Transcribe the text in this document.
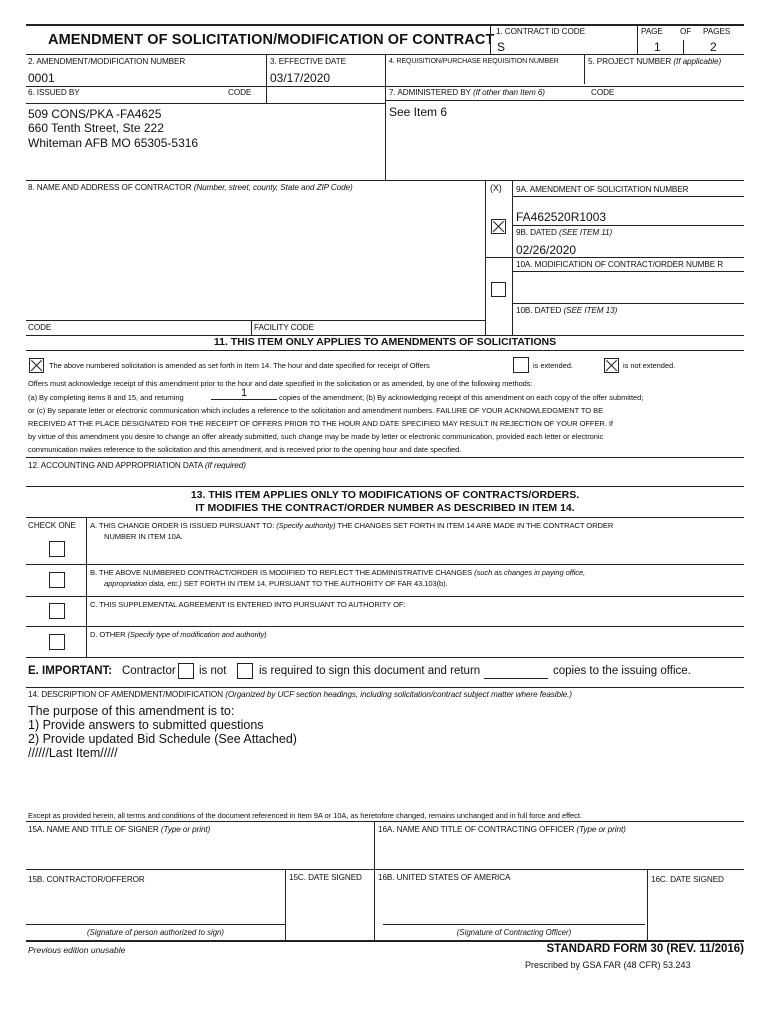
AMENDMENT OF SOLICITATION/MODIFICATION OF CONTRACT
1. CONTRACT ID CODE
S
PAGE OF PAGES
1	2
2. AMENDMENT/MODIFICATION NUMBER
0001
3. EFFECTIVE DATE
03/17/2020
4. REQUISITION/PURCHASE REQUISITION NUMBER	5. PROJECT NUMBER (If applicable)
6. ISSUED BY	CODE
509 CONS/PKA -FA4625
660 Tenth Street, Ste 222
Whiteman AFB MO 65305-5316
7. ADMINISTERED BY (If other than Item 6)	CODE
See Item 6
8. NAME AND ADDRESS OF CONTRACTOR (Number, street, county, State and ZIP Code)	(X) 9A. AMENDMENT OF SOLICITATION NUMBER
FA462520R1003
9B. DATED (SEE ITEM 11)
02/26/2020
10A. MODIFICATION OF CONTRACT/ORDER NUMBE R
10B. DATED (SEE ITEM 13)
CODE	FACILITY CODE
11. THIS ITEM ONLY APPLIES TO AMENDMENTS OF SOLICITATIONS
The above numbered solicitation is amended as set forth in Item 14. The hour and date specified for receipt of Offers	is extended.	is not extended.
Offers must acknowledge receipt of this amendment prior to the hour and date specified in the solicitation or as amended, by one of the following methods:
(a) By completing items 8 and 15, and returning	1	copies of the amendment; (b) By acknowledging receipt of this amendment on each copy of the offer submitted;
or (c) By separate letter or electronic communication which includes a reference to the solicitation and amendment numbers. FAILURE OF YOUR ACKNOWLEDGMENT TO BE
RECEIVED AT THE PLACE DESIGNATED FOR THE RECEIPT OF OFFERS PRIOR TO THE HOUR AND DATE SPECIFIED MAY RESULT IN REJECTION OF YOUR OFFER. If
by virtue of this amendment you desire to change an offer already submitted, such change may be made by letter or electronic communication, provided each letter or electronic
communication makes reference to the solicitation and this amendment, and is received prior to the opening hour and date specified.
12. ACCOUNTING AND APPROPRIATION DATA (If required)
13. THIS ITEM APPLIES ONLY TO MODIFICATIONS OF CONTRACTS/ORDERS.
IT MODIFIES THE CONTRACT/ORDER NUMBER AS DESCRIBED IN ITEM 14.
CHECK ONE A. THIS CHANGE ORDER IS ISSUED PURSUANT TO: (Specify authority) THE CHANGES SET FORTH IN ITEM 14 ARE MADE IN THE CONTRACT ORDER
NUMBER IN ITEM 10A.
B. THE ABOVE NUMBERED CONTRACT/ORDER IS MODIFIED TO REFLECT THE ADMINISTRATIVE CHANGES (such as changes in paying office,
appropriation data, etc.) SET FORTH IN ITEM 14, PURSUANT TO THE AUTHORITY OF FAR 43.103(b).
C. THIS SUPPLEMENTAL AGREEMENT IS ENTERED INTO PURSUANT TO AUTHORITY OF:
D. OTHER (Specify type of modification and authority)
E. IMPORTANT: Contractor is not	is required to sign this document and return	copies to the issuing office.
14. DESCRIPTION OF AMENDMENT/MODIFICATION (Organized by UCF section headings, including solicitation/contract subject matter where feasible.)
The purpose of this amendment is to:
1) Provide answers to submitted questions
2) Provide updated Bid Schedule (See Attached)
//////Last Item/////
Except as provided herein, all terms and conditions of the document referenced in Item 9A or 10A, as heretofore changed, remains unchanged and in full force and effect.
15A. NAME AND TITLE OF SIGNER (Type or print)	16A. NAME AND TITLE OF CONTRACTING OFFICER (Type or print)
15B. CONTRACTOR/OFFEROR	15C. DATE SIGNED 16B. UNITED STATES OF AMERICA	16C. DATE SIGNED
(Signature of person authorized to sign)	(Signature of Contracting Officer)
Previous edition unusable	STANDARD FORM 30 (REV. 11/2016)
Prescribed by GSA FAR (48 CFR) 53.243
